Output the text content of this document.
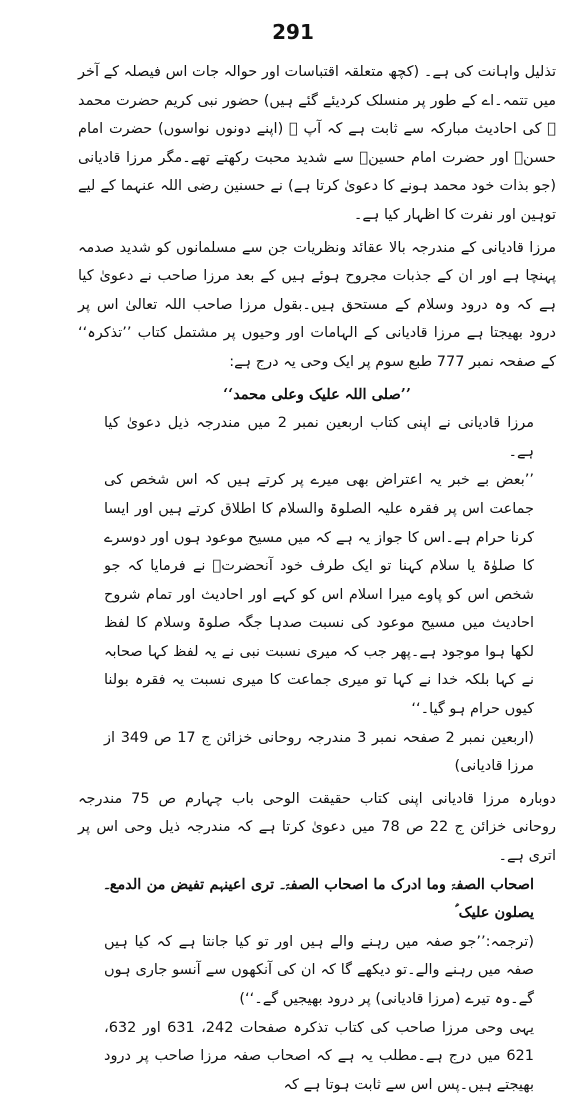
291

تذلیل واہانت کی ہے۔ (کچھ متعلقہ اقتباسات اور حوالہ جات اس فیصلہ کے آخر میں تتمہ۔اے کے طور پر منسلک کردیئے گئے ہیں) حضور نبی کریم حضرت محمد ﷺ کی احادیث مبارکہ سے ثابت ہے کہ آپ ﷺ (اپنے دونوں نواسوں) حضرت امام حسنؓ اور حضرت امام حسینؓ سے شدید محبت رکھتے تھے۔مگر مرزا قادیانی (جو بذات خود محمد ہونے کا دعویٰ کرتا ہے) نے حسنین رضی اللہ عنہما کے لیے توہین اور نفرت کا اظہار کیا ہے۔

مرزا قادیانی کے مندرجہ بالا عقائد ونظریات جن سے مسلمانوں کو شدید صدمہ پہنچا ہے اور ان کے جذبات مجروح ہوئے ہیں کے بعد مرزا صاحب نے دعویٰ کیا ہے کہ وہ درود وسلام کے مستحق ہیں۔بقول مرزا صاحب اللہ تعالیٰ اس پر درود بھیجتا ہے مرزا قادیانی کے الہامات اور وحیوں پر مشتمل کتاب ’’تذکرہ‘‘ کے صفحہ نمبر 777 طبع سوم پر ایک وحی یہ درج ہے:

’’صلی اللہ علیک وعلی محمد‘‘

مرزا قادیانی نے اپنی کتاب اربعین نمبر 2 میں مندرجہ ذیل دعویٰ کیا ہے۔

’’بعض بے خبر یہ اعتراض بھی میرے پر کرتے ہیں کہ اس شخص کی جماعت اس پر فقرہ علیہ الصلوۃ والسلام کا اطلاق کرتے ہیں اور ایسا کرنا حرام ہے۔اس کا جواز یہ ہے کہ میں مسیح موعود ہوں اور دوسرے کا صلوٰۃ یا سلام کہنا تو ایک طرف خود آنحضرتؐ نے فرمایا کہ جو شخص اس کو پاوے میرا اسلام اس کو کہے اور احادیث اور تمام شروح احادیث میں مسیح موعود کی نسبت صدہا جگہ صلوۃ وسلام کا لفظ لکھا ہوا موجود ہے۔پھر جب کہ میری نسبت نبی نے یہ لفظ کہا صحابہ نے کہا بلکہ خدا نے کہا تو میری جماعت کا میری نسبت یہ فقرہ بولنا کیوں حرام ہو گیا۔‘‘

(اربعین نمبر 2 صفحہ نمبر 3 مندرجہ روحانی خزائن ج 17 ص 349 از مرزا قادیانی)

دوبارہ مرزا قادیانی اپنی کتاب حقیقت الوحی باب چہارم ص 75 مندرجہ روحانی خزائن ج 22 ص 78 میں دعویٰ کرتا ہے کہ مندرجہ ذیل وحی اس پر اتری ہے۔

اصحاب الصفۃ وما ادرک ما اصحاب الصفۃ۔ تری اعینہم تفیض من الدمع۔ یصلون علیک ؑ

(ترجمہ:’’جو صفہ میں رہنے والے ہیں اور تو کیا جانتا ہے کہ کیا ہیں صفہ میں رہنے والے۔تو دیکھے گا کہ ان کی آنکھوں سے آنسو جاری ہوں گے۔وہ تیرے (مرزا قادیانی) پر درود بھیجیں گے۔‘‘)

یہی وحی مرزا صاحب کی کتاب تذکرہ صفحات 242، 631 اور 632، 621 میں درج ہے۔مطلب یہ ہے کہ اصحاب صفہ مرزا صاحب پر درود بھیجتے ہیں۔پس اس سے ثابت ہوتا ہے کہ
